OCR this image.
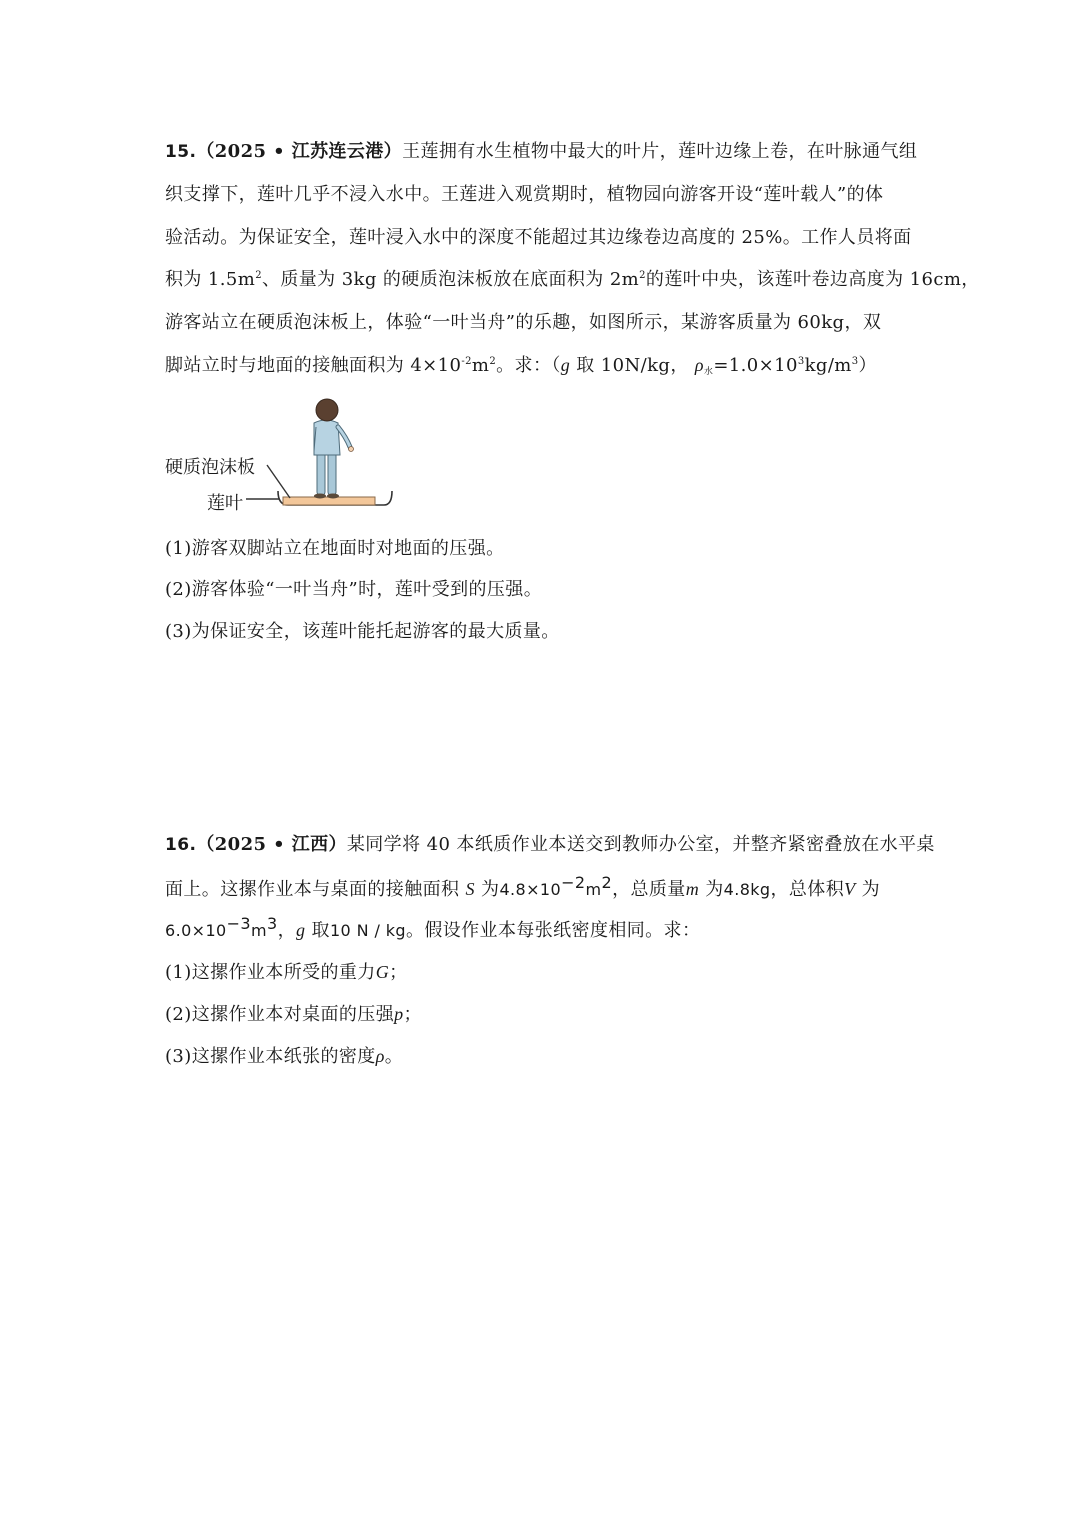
15.（2025 • 江苏连云港）王莲拥有水生植物中最大的叶片，莲叶边缘上卷，在叶脉通气组
织支撑下，莲叶几乎不浸入水中。王莲进入观赏期时，植物园向游客开设“莲叶载人”的体
验活动。为保证安全，莲叶浸入水中的深度不能超过其边缘卷边高度的 25%。工作人员将面
积为 $1.5m^2$、质量为 3kg 的硬质泡沫板放在底面积为 $2m^2$的莲叶中央，该莲叶卷边高度为 16cm，
游客站立在硬质泡沫板上，体验“一叶当舟”的乐趣，如图所示，某游客质量为 60kg，双
脚站立时与地面的接触面积为 $4\times 10^{-2}m^2$。求：（g 取 10N/kg， $\rho_水=1.0\times 10^3kg/m^3$）
硬质泡沫板
莲叶
(1)游客双脚站立在地面时对地面的压强。
(2)游客体验“一叶当舟”时，莲叶受到的压强。
(3)为保证安全，该莲叶能托起游客的最大质量。
16.（2025 • 江西）某同学将 40 本纸质作业本送交到教师办公室，并整齐紧密叠放在水平桌
面上。这摞作业本与桌面的接触面积 S 为$4.8\times 10^{-2}m^2$，总质量m 为4.8kg，总体积V 为
$6.0\times 10^{-3}m^3$，g 取10 N / kg。假设作业本每张纸密度相同。求：
(1)这摞作业本所受的重力G；
(2)这摞作业本对桌面的压强p；
(3)这摞作业本纸张的密度ρ。
